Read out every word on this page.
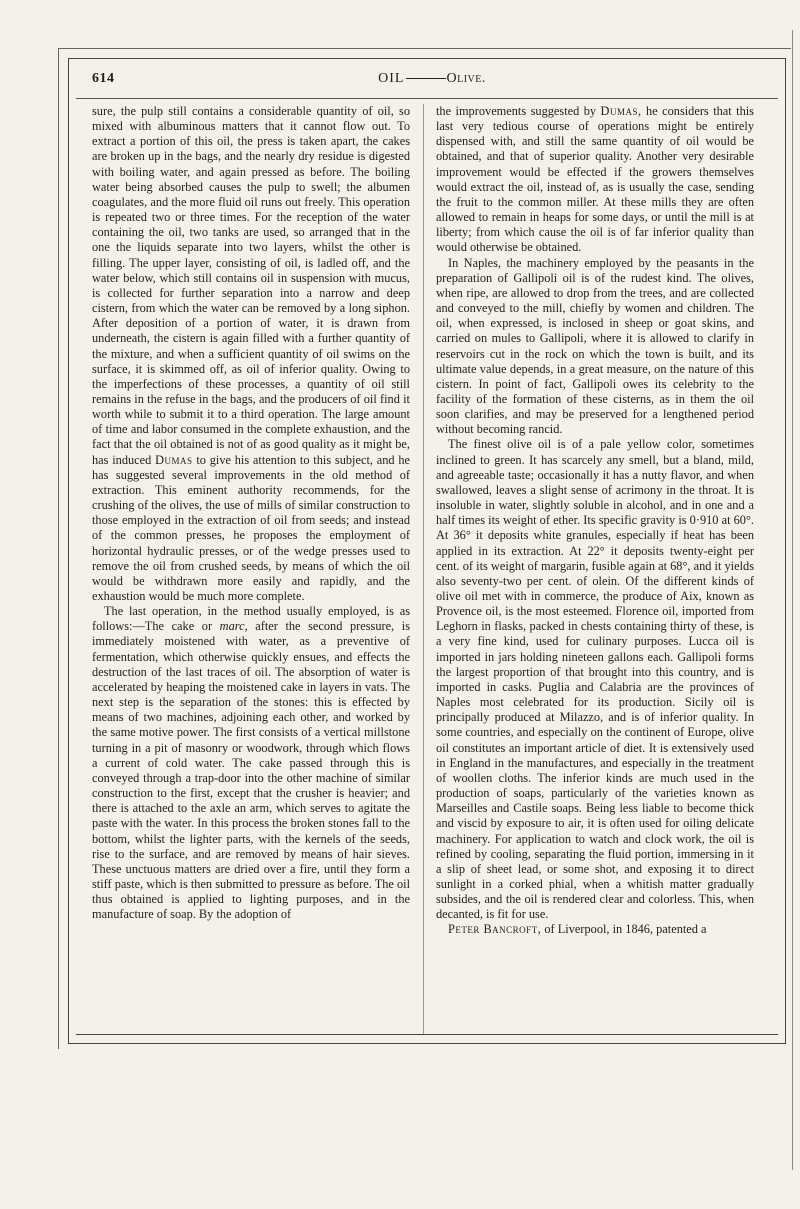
614	OIL	Olive.

sure, the pulp still contains a considerable quantity of oil, so mixed with albuminous matters that it cannot flow out. To extract a portion of this oil, the press is taken apart, the cakes are broken up in the bags, and the nearly dry residue is digested with boiling water, and again pressed as before. The boiling water being absorbed causes the pulp to swell; the albumen coagulates, and the more fluid oil runs out freely. This operation is repeated two or three times. For the reception of the water containing the oil, two tanks are used, so arranged that in the one the liquids separate into two layers, whilst the other is filling. The upper layer, consisting of oil, is ladled off, and the water below, which still contains oil in suspension with mucus, is collected for further separation into a narrow and deep cistern, from which the water can be removed by a long siphon. After deposition of a portion of water, it is drawn from underneath, the cistern is again filled with a further quantity of the mixture, and when a sufficient quantity of oil swims on the surface, it is skimmed off, as oil of inferior quality. Owing to the imperfections of these processes, a quantity of oil still remains in the refuse in the bags, and the producers of oil find it worth while to submit it to a third operation. The large amount of time and labor consumed in the complete exhaustion, and the fact that the oil obtained is not of as good quality as it might be, has induced Dumas to give his attention to this subject, and he has suggested several improvements in the old method of extraction. This eminent authority recommends, for the crushing of the olives, the use of mills of similar construction to those employed in the extraction of oil from seeds; and instead of the common presses, he proposes the employment of horizontal hydraulic presses, or of the wedge presses used to remove the oil from crushed seeds, by means of which the oil would be withdrawn more easily and rapidly, and the exhaustion would be much more complete.

The last operation, in the method usually employed, is as follows:—The cake or marc, after the second pressure, is immediately moistened with water, as a preventive of fermentation, which otherwise quickly ensues, and effects the destruction of the last traces of oil. The absorption of water is accelerated by heaping the moistened cake in layers in vats. The next step is the separation of the stones: this is effected by means of two machines, adjoining each other, and worked by the same motive power. The first consists of a vertical millstone turning in a pit of masonry or woodwork, through which flows a current of cold water. The cake passed through this is conveyed through a trap-door into the other machine of similar construction to the first, except that the crusher is heavier; and there is attached to the axle an arm, which serves to agitate the paste with the water. In this process the broken stones fall to the bottom, whilst the lighter parts, with the kernels of the seeds, rise to the surface, and are removed by means of hair sieves. These unctuous matters are dried over a fire, until they form a stiff paste, which is then submitted to pressure as before. The oil thus obtained is applied to lighting purposes, and in the manufacture of soap. By the adoption of

the improvements suggested by Dumas, he considers that this last very tedious course of operations might be entirely dispensed with, and still the same quantity of oil would be obtained, and that of superior quality. Another very desirable improvement would be effected if the growers themselves would extract the oil, instead of, as is usually the case, sending the fruit to the common miller. At these mills they are often allowed to remain in heaps for some days, or until the mill is at liberty; from which cause the oil is of far inferior quality than would otherwise be obtained.

In Naples, the machinery employed by the peasants in the preparation of Gallipoli oil is of the rudest kind. The olives, when ripe, are allowed to drop from the trees, and are collected and conveyed to the mill, chiefly by women and children. The oil, when expressed, is inclosed in sheep or goat skins, and carried on mules to Gallipoli, where it is allowed to clarify in reservoirs cut in the rock on which the town is built, and its ultimate value depends, in a great measure, on the nature of this cistern. In point of fact, Gallipoli owes its celebrity to the facility of the formation of these cisterns, as in them the oil soon clarifies, and may be preserved for a lengthened period without becoming rancid.

The finest olive oil is of a pale yellow color, sometimes inclined to green. It has scarcely any smell, but a bland, mild, and agreeable taste; occasionally it has a nutty flavor, and when swallowed, leaves a slight sense of acrimony in the throat. It is insoluble in water, slightly soluble in alcohol, and in one and a half times its weight of ether. Its specific gravity is 0·910 at 60°. At 36° it deposits white granules, especially if heat has been applied in its extraction. At 22° it deposits twenty-eight per cent. of its weight of margarin, fusible again at 68°, and it yields also seventy-two per cent. of olein. Of the different kinds of olive oil met with in commerce, the produce of Aix, known as Provence oil, is the most esteemed. Florence oil, imported from Leghorn in flasks, packed in chests containing thirty of these, is a very fine kind, used for culinary purposes. Lucca oil is imported in jars holding nineteen gallons each. Gallipoli forms the largest proportion of that brought into this country, and is imported in casks. Puglia and Calabria are the provinces of Naples most celebrated for its production. Sicily oil is principally produced at Milazzo, and is of inferior quality. In some countries, and especially on the continent of Europe, olive oil constitutes an important article of diet. It is extensively used in England in the manufactures, and especially in the treatment of woollen cloths. The inferior kinds are much used in the production of soaps, particularly of the varieties known as Marseilles and Castile soaps. Being less liable to become thick and viscid by exposure to air, it is often used for oiling delicate machinery. For application to watch and clock work, the oil is refined by cooling, separating the fluid portion, immersing in it a slip of sheet lead, or some shot, and exposing it to direct sunlight in a corked phial, when a whitish matter gradually subsides, and the oil is rendered clear and colorless. This, when decanted, is fit for use.

Peter Bancroft, of Liverpool, in 1846, patented a
